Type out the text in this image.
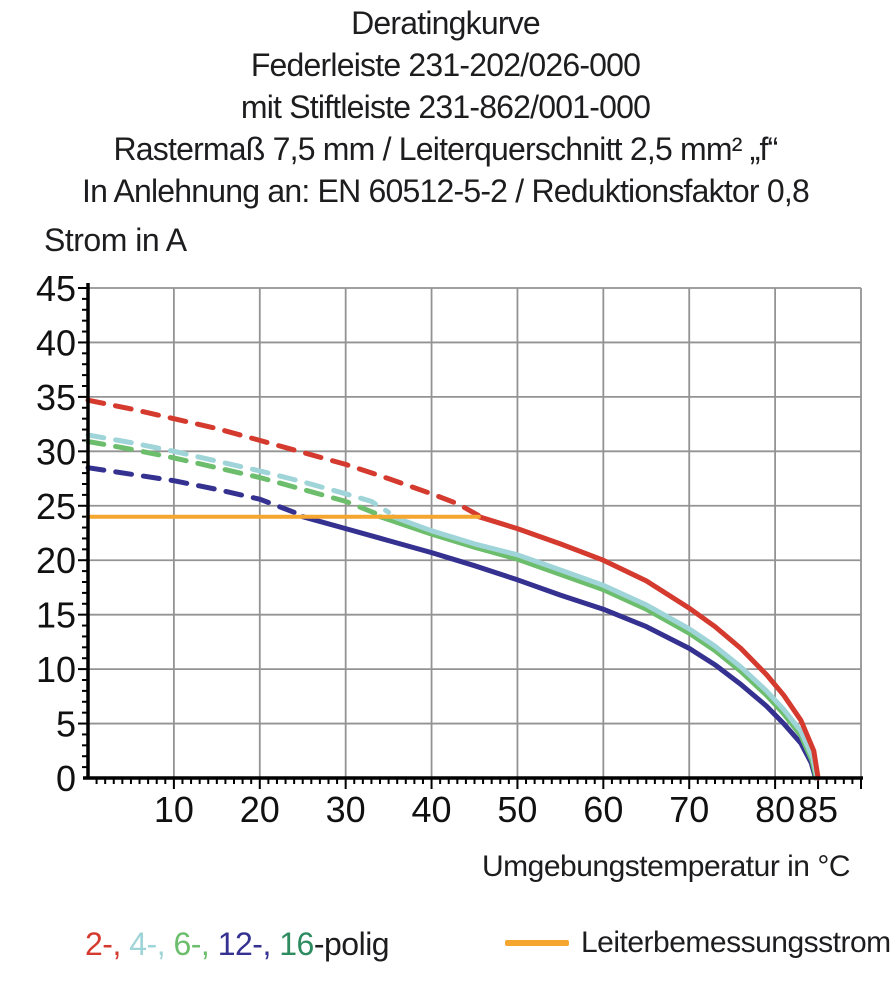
Deratingkurve
Federleiste 231-202/026-000
mit Stiftleiste 231-862/001-000
Rastermaß 7,5 mm / Leiterquerschnitt 2,5 mm² „f“
In Anlehnung an: EN 60512-5-2 / Reduktionsfaktor 0,8
Strom in A
10 20 30 40 50 60 70 80 85
0
5
10
15
20
25
30
35
40
45
Umgebungstemperatur in °C
2-, 4-, 6-, 12-, 16-polig	Leiterbemessungsstrom
